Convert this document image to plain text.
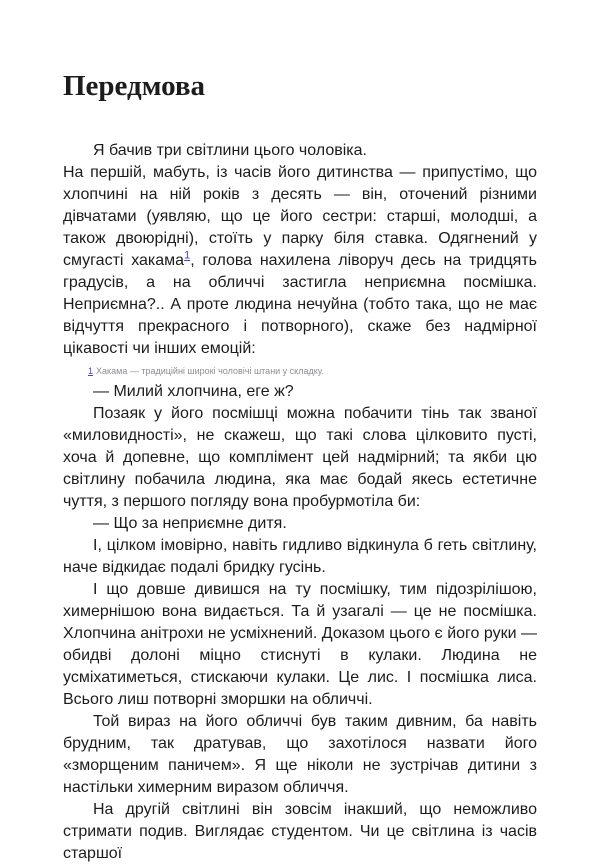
Передмова

Я бачив три світлини цього чоловіка.

На першій, мабуть, із часів його дитинства — припустімо, що хлопчині на ній років з десять — він, оточений різними дівчатами (уявляю, що це його сестри: старші, молодші, а також двоюрідні), стоїть у парку біля ставка. Одягнений у смугасті хакама$^1$, голова нахилена ліворуч десь на тридцять градусів, а на обличчі застигла неприємна посмішка. Неприємна?.. А проте людина нечуйна (тобто така, що не має відчуття прекрасного і потворного), скаже без надмірної цікавості чи інших емоцій:

1 Хакама — традиційні широкі чоловічі штани у складку.

— Милий хлопчина, еге ж?

Позаяк у його посмішці можна побачити тінь так званої «миловидності», не скажеш, що такі слова цілковито пусті, хоча й допевне, що комплімент цей надмірний; та якби цю світлину побачила людина, яка має бодай якесь естетичне чуття, з першого погляду вона пробурмотіла би:

— Що за неприємне дитя.

І, цілком імовірно, навіть гидливо відкинула б геть світлину, наче відкидає подалі бридку гусінь.

І що довше дивишся на ту посмішку, тим підозрілішою, химернішою вона видається. Та й узагалі — це не посмішка. Хлопчина анітрохи не усміхнений. Доказом цього є його руки — обидві долоні міцно стиснуті в кулаки. Людина не усміхатиметься, стискаючи кулаки. Це лис. І посмішка лиса. Всього лиш потворні зморшки на обличчі.

Той вираз на його обличчі був таким дивним, ба навіть брудним, так дратував, що захотілося назвати його «зморщеним паничем». Я ще ніколи не зустрічав дитини з настільки химерним виразом обличчя.

На другій світлині він зовсім інакший, що неможливо стримати подив. Виглядає студентом. Чи це світлина із часів старшої
